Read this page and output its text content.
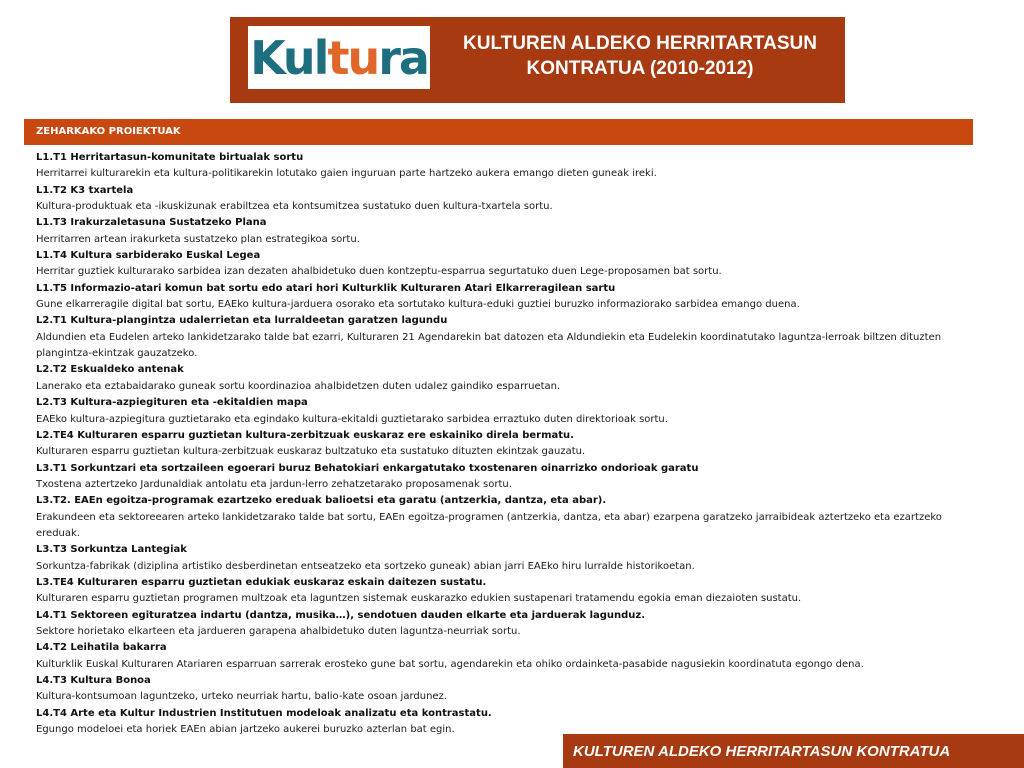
Kultura	KULTUREN ALDEKO HERRITARTASUN
KONTRATUA (2010-2012)
ZEHARKAKO PROIEKTUAK
L1.T1 Herritartasun-komunitate birtualak sortu
Herritarrei kulturarekin eta kultura-politikarekin lotutako gaien inguruan parte hartzeko aukera emango dieten guneak ireki.
L1.T2 K3 txartela
Kultura-produktuak eta -ikuskizunak erabiltzea eta kontsumitzea sustatuko duen kultura-txartela sortu.
L1.T3 Irakurzaletasuna Sustatzeko Plana
Herritarren artean irakurketa sustatzeko plan estrategikoa sortu.
L1.T4 Kultura sarbiderako Euskal Legea
Herritar guztiek kulturarako sarbidea izan dezaten ahalbidetuko duen kontzeptu-esparrua segurtatuko duen Lege-proposamen bat sortu.
L1.T5 Informazio-atari komun bat sortu edo atari hori Kulturklik Kulturaren Atari Elkarreragilean sartu
Gune elkarreragile digital bat sortu, EAEko kultura-jarduera osorako eta sortutako kultura-eduki guztiei buruzko informaziorako sarbidea emango duena.
L2.T1 Kultura-plangintza udalerrietan eta lurraldeetan garatzen lagundu
Aldundien eta Eudelen arteko lankidetzarako talde bat ezarri, Kulturaren 21 Agendarekin bat datozen eta Aldundiekin eta Eudelekin koordinatutako laguntza-lerroak biltzen dituzten plangintza-ekintzak gauzatzeko.
L2.T2 Eskualdeko antenak
Lanerako eta eztabaidarako guneak sortu koordinazioa ahalbidetzen duten udalez gaindiko esparruetan.
L2.T3 Kultura-azpiegituren eta -ekitaldien mapa
EAEko kultura-azpiegitura guztietarako eta egindako kultura-ekitaldi guztietarako sarbidea erraztuko duten direktorioak sortu.
L2.TE4 Kulturaren esparru guztietan kultura-zerbitzuak euskaraz ere eskainiko direla bermatu.
Kulturaren esparru guztietan kultura-zerbitzuak euskaraz bultzatuko eta sustatuko dituzten ekintzak gauzatu.
L3.T1 Sorkuntzari eta sortzaileen egoerari buruz Behatokiari enkargatutako txostenaren oinarrizko ondorioak garatu
Txostena aztertzeko Jardunaldiak antolatu eta jardun-lerro zehatzetarako proposamenak sortu.
L3.T2. EAEn egoitza-programak ezartzeko ereduak balioetsi eta garatu (antzerkia, dantza, eta abar).
Erakundeen eta sektoreearen arteko lankidetzarako talde bat sortu, EAEn egoitza-programen (antzerkia, dantza, eta abar) ezarpena garatzeko jarraibideak aztertzeko eta ezartzeko ereduak.
L3.T3 Sorkuntza Lantegiak
Sorkuntza-fabrikak (diziplina artistiko desberdinetan entseatzeko eta sortzeko guneak) abian jarri EAEko hiru lurralde historikoetan.
L3.TE4 Kulturaren esparru guztietan edukiak euskaraz eskain daitezen sustatu.
Kulturaren esparru guztietan programen multzoak eta laguntzen sistemak euskarazko edukien sustapenari tratamendu egokia eman diezaioten sustatu.
L4.T1 Sektoreen egituratzea indartu (dantza, musika…), sendotuen dauden elkarte eta jarduerak lagunduz.
Sektore horietako elkarteen eta jardueren garapena ahalbidetuko duten laguntza-neurriak sortu.
L4.T2 Leihatila bakarra
Kulturklik Euskal Kulturaren Atariaren esparruan sarrerak erosteko gune bat sortu, agendarekin eta ohiko ordainketa-pasabide nagusiekin koordinatuta egongo dena.
L4.T3 Kultura Bonoa
Kultura-kontsumoan laguntzeko, urteko neurriak hartu, balio-kate osoan jardunez.
L4.T4 Arte eta Kultur Industrien Institutuen modeloak analizatu eta kontrastatu.
Egungo modeloei eta horiek EAEn abian jartzeko aukerei buruzko azterlan bat egin.
KULTUREN ALDEKO HERRITARTASUN KONTRATUA
